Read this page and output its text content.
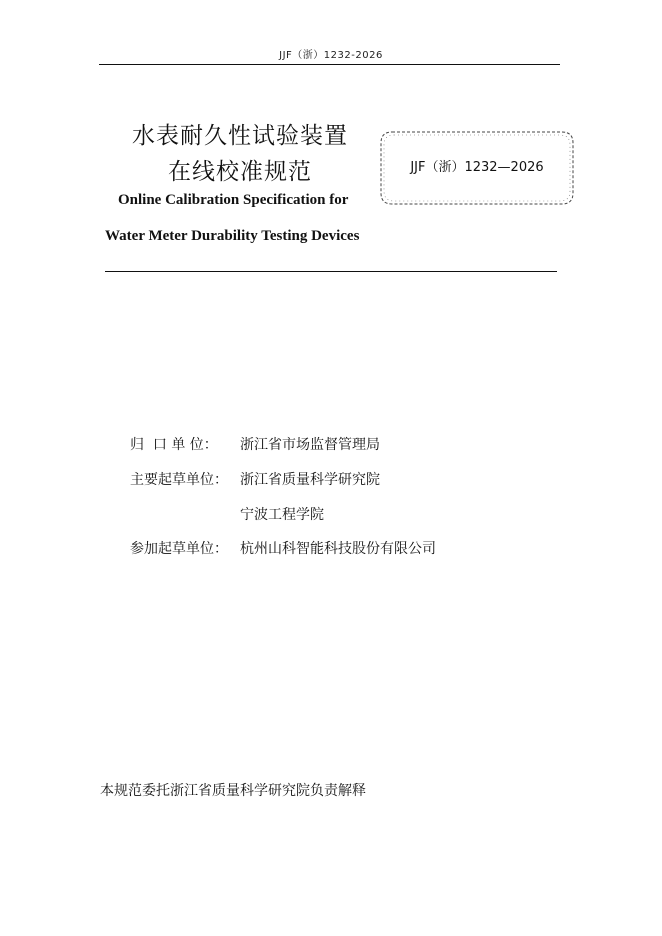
JJF（浙）1232-2026
水表耐久性试验装置
在线校准规范
Online Calibration Specification for
Water Meter Durability Testing Devices
JJF（浙）1232—2026
归  口 单 位： 浙江省市场监督管理局
主要起草单位： 浙江省质量科学研究院
宁波工程学院
参加起草单位： 杭州山科智能科技股份有限公司
本规范委托浙江省质量科学研究院负责解释
